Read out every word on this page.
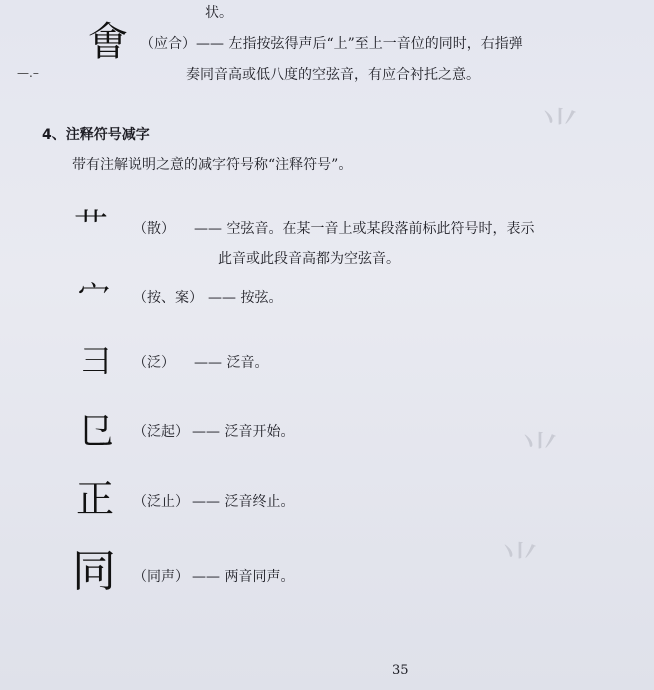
⺌
⺌
⺌
—.–
状。
㑹 （应合） —— 左指按弦得声后“上”至上一音位的同时，右指弹
奏同音高或低八度的空弦音，有应合衬托之意。
4、注释符号减字
带有注解说明之意的减字符号称“注释符号”。
艹 （散） —— 空弦音。在某一音上或某段落前标此符号时，表示
此音或此段音高都为空弦音。
宀 （按、案） —— 按弦。
⺕ （泛） —— 泛音。
㔾 （泛起） —— 泛音开始。
正 （泛止） —— 泛音终止。
同 （同声） —— 两音同声。
35
